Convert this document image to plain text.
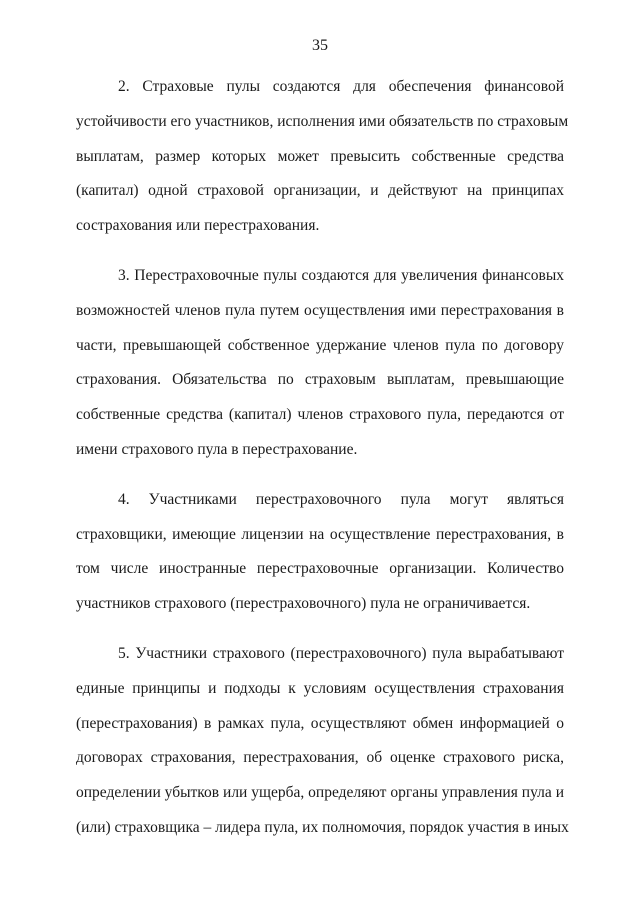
35
2. Страховые пулы создаются для обеспечения финансовой
устойчивости его участников, исполнения ими обязательств по страховым
выплатам, размер которых может превысить собственные средства
(капитал) одной страховой организации, и действуют на принципах
сострахования или перестрахования.
3. Перестраховочные пулы создаются для увеличения финансовых
возможностей членов пула путем осуществления ими перестрахования в
части, превышающей собственное удержание членов пула по договору
страхования. Обязательства по страховым выплатам, превышающие
собственные средства (капитал) членов страхового пула, передаются от
имени страхового пула в перестрахование.
4. Участниками перестраховочного пула могут являться
страховщики, имеющие лицензии на осуществление перестрахования, в
том числе иностранные перестраховочные организации. Количество
участников страхового (перестраховочного) пула не ограничивается.
5. Участники страхового (перестраховочного) пула вырабатывают
единые принципы и подходы к условиям осуществления страхования
(перестрахования) в рамках пула, осуществляют обмен информацией о
договорах страхования, перестрахования, об оценке страхового риска,
определении убытков или ущерба, определяют органы управления пула и
(или) страховщика – лидера пула, их полномочия, порядок участия в иных
